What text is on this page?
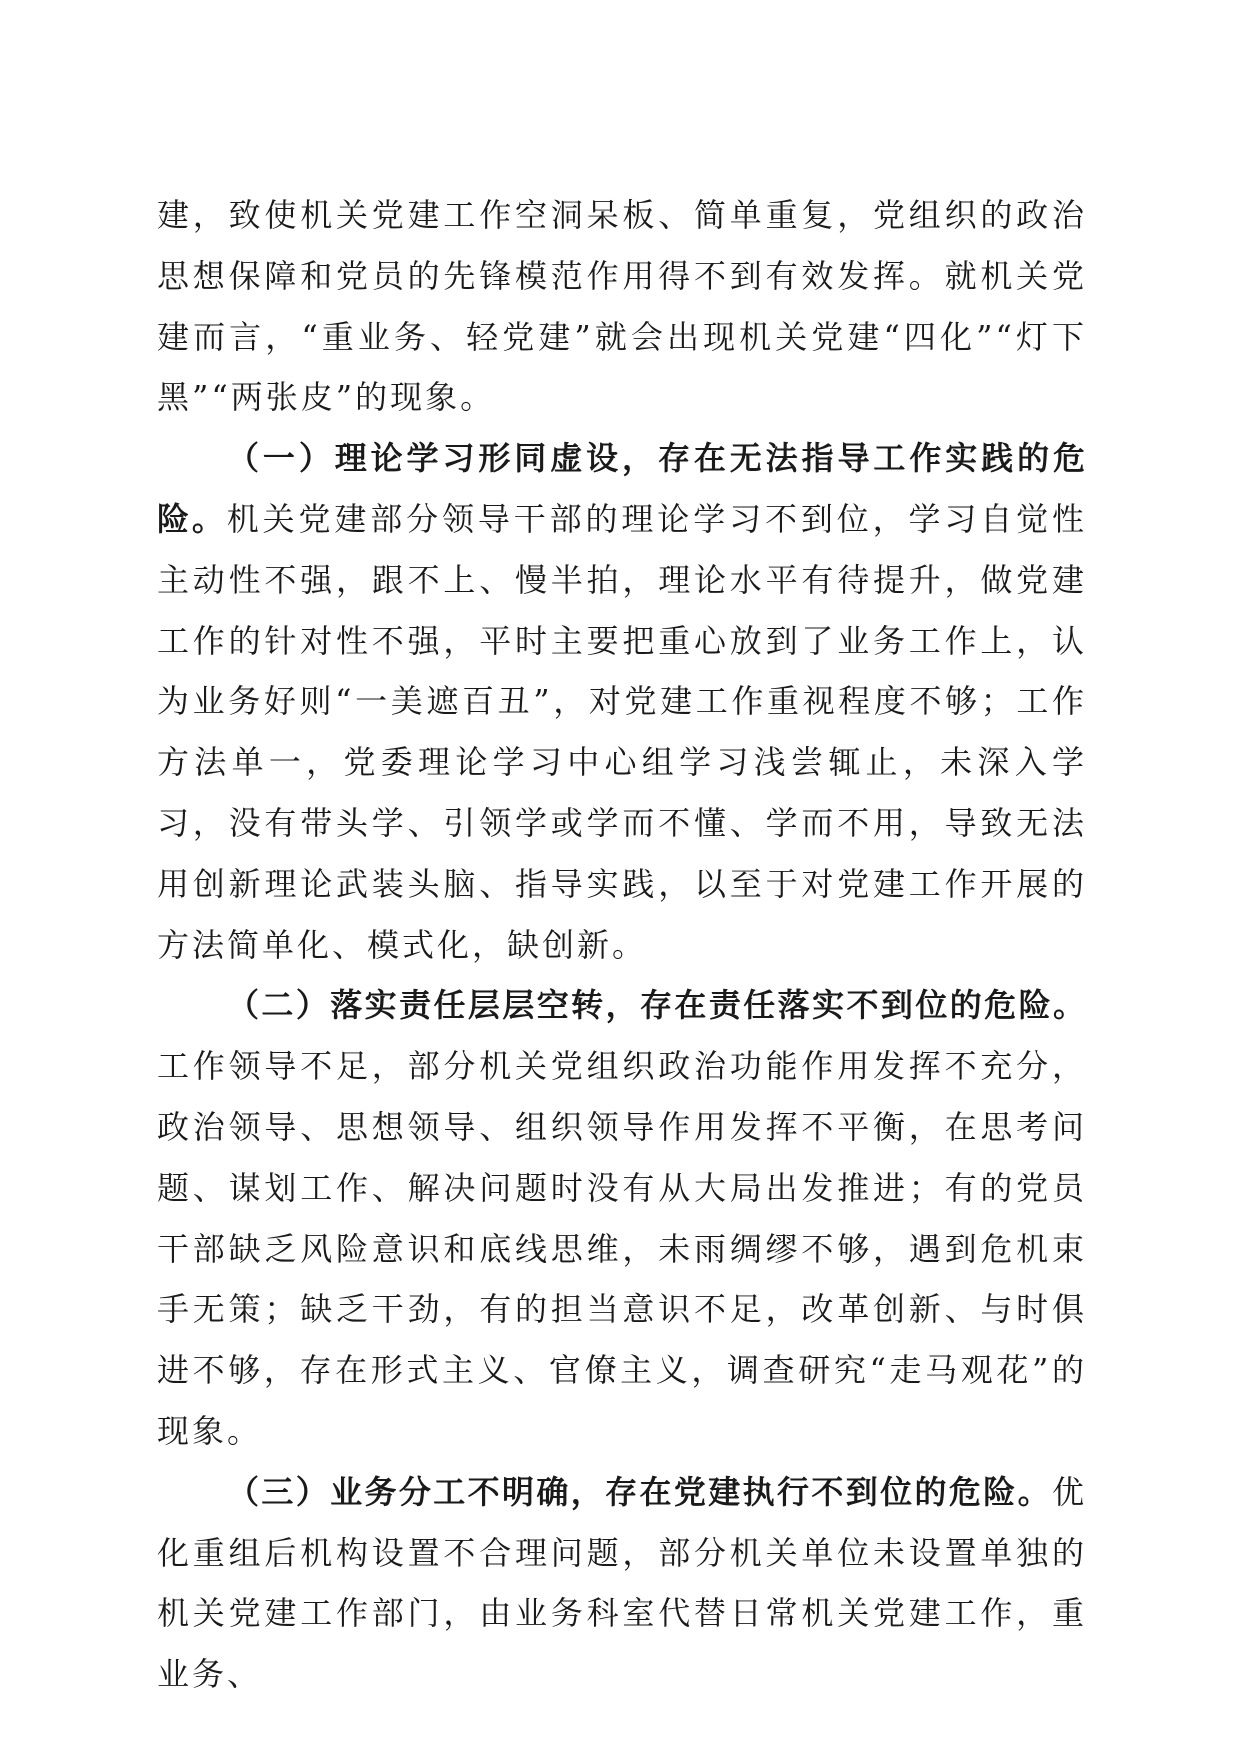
建，致使机关党建工作空洞呆板、简单重复，党组织的政治思想保障和党员的先锋模范作用得不到有效发挥。就机关党建而言，“重业务、轻党建”就会出现机关党建“四化”“灯下黑”“两张皮”的现象。

（一）理论学习形同虚设，存在无法指导工作实践的危险。机关党建部分领导干部的理论学习不到位，学习自觉性主动性不强，跟不上、慢半拍，理论水平有待提升，做党建工作的针对性不强，平时主要把重心放到了业务工作上，认为业务好则“一美遮百丑”，对党建工作重视程度不够；工作方法单一，党委理论学习中心组学习浅尝辄止，未深入学习，没有带头学、引领学或学而不懂、学而不用，导致无法用创新理论武装头脑、指导实践，以至于对党建工作开展的方法简单化、模式化，缺创新。

（二）落实责任层层空转，存在责任落实不到位的危险。工作领导不足，部分机关党组织政治功能作用发挥不充分，政治领导、思想领导、组织领导作用发挥不平衡，在思考问题、谋划工作、解决问题时没有从大局出发推进；有的党员干部缺乏风险意识和底线思维，未雨绸缪不够，遇到危机束手无策；缺乏干劲，有的担当意识不足，改革创新、与时俱进不够，存在形式主义、官僚主义，调查研究“走马观花”的现象。

（三）业务分工不明确，存在党建执行不到位的危险。优化重组后机构设置不合理问题，部分机关单位未设置单独的机关党建工作部门，由业务科室代替日常机关党建工作，重业务、
